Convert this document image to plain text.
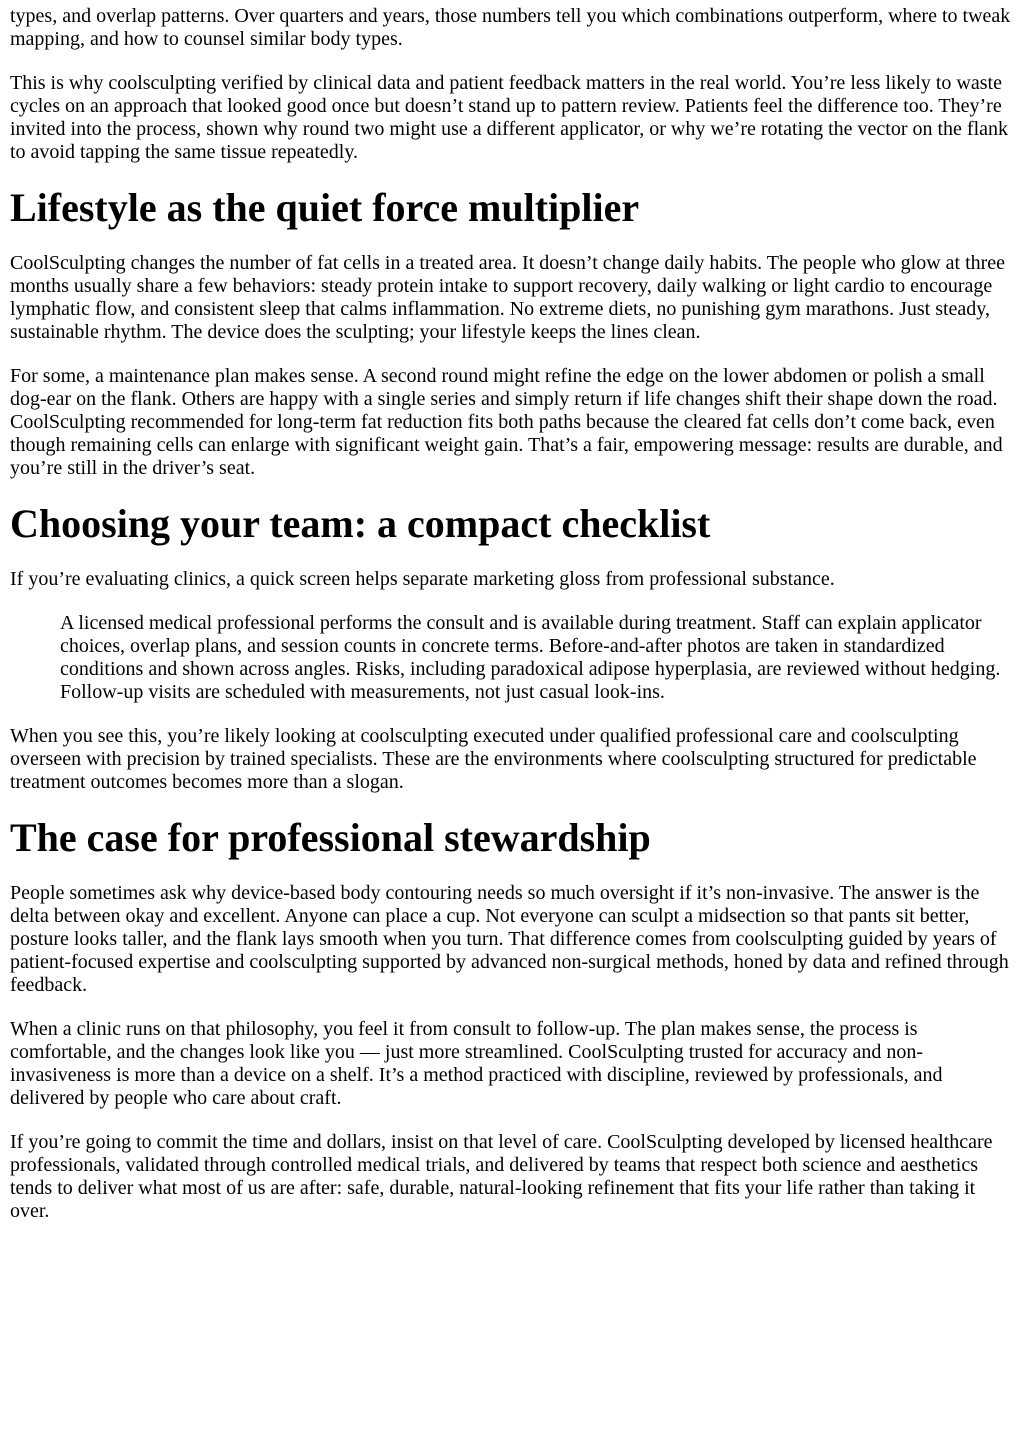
types, and overlap patterns. Over quarters and years, those numbers tell you which combinations outperform, where to tweak mapping, and how to counsel similar body types.

This is why coolsculpting verified by clinical data and patient feedback matters in the real world. You’re less likely to waste cycles on an approach that looked good once but doesn’t stand up to pattern review. Patients feel the difference too. They’re invited into the process, shown why round two might use a different applicator, or why we’re rotating the vector on the flank to avoid tapping the same tissue repeatedly.

Lifestyle as the quiet force multiplier

CoolSculpting changes the number of fat cells in a treated area. It doesn’t change daily habits. The people who glow at three months usually share a few behaviors: steady protein intake to support recovery, daily walking or light cardio to encourage lymphatic flow, and consistent sleep that calms inflammation. No extreme diets, no punishing gym marathons. Just steady, sustainable rhythm. The device does the sculpting; your lifestyle keeps the lines clean.

For some, a maintenance plan makes sense. A second round might refine the edge on the lower abdomen or polish a small dog-ear on the flank. Others are happy with a single series and simply return if life changes shift their shape down the road. CoolSculpting recommended for long-term fat reduction fits both paths because the cleared fat cells don’t come back, even though remaining cells can enlarge with significant weight gain. That’s a fair, empowering message: results are durable, and you’re still in the driver’s seat.

Choosing your team: a compact checklist

If you’re evaluating clinics, a quick screen helps separate marketing gloss from professional substance.

A licensed medical professional performs the consult and is available during treatment. Staff can explain applicator choices, overlap plans, and session counts in concrete terms. Before-and-after photos are taken in standardized conditions and shown across angles. Risks, including paradoxical adipose hyperplasia, are reviewed without hedging. Follow-up visits are scheduled with measurements, not just casual look-ins.

When you see this, you’re likely looking at coolsculpting executed under qualified professional care and coolsculpting overseen with precision by trained specialists. These are the environments where coolsculpting structured for predictable treatment outcomes becomes more than a slogan.

The case for professional stewardship

People sometimes ask why device-based body contouring needs so much oversight if it’s non-invasive. The answer is the delta between okay and excellent. Anyone can place a cup. Not everyone can sculpt a midsection so that pants sit better, posture looks taller, and the flank lays smooth when you turn. That difference comes from coolsculpting guided by years of patient-focused expertise and coolsculpting supported by advanced non-surgical methods, honed by data and refined through feedback.

When a clinic runs on that philosophy, you feel it from consult to follow-up. The plan makes sense, the process is comfortable, and the changes look like you — just more streamlined. CoolSculpting trusted for accuracy and non-invasiveness is more than a device on a shelf. It’s a method practiced with discipline, reviewed by professionals, and delivered by people who care about craft.

If you’re going to commit the time and dollars, insist on that level of care. CoolSculpting developed by licensed healthcare professionals, validated through controlled medical trials, and delivered by teams that respect both science and aesthetics tends to deliver what most of us are after: safe, durable, natural-looking refinement that fits your life rather than taking it over.
